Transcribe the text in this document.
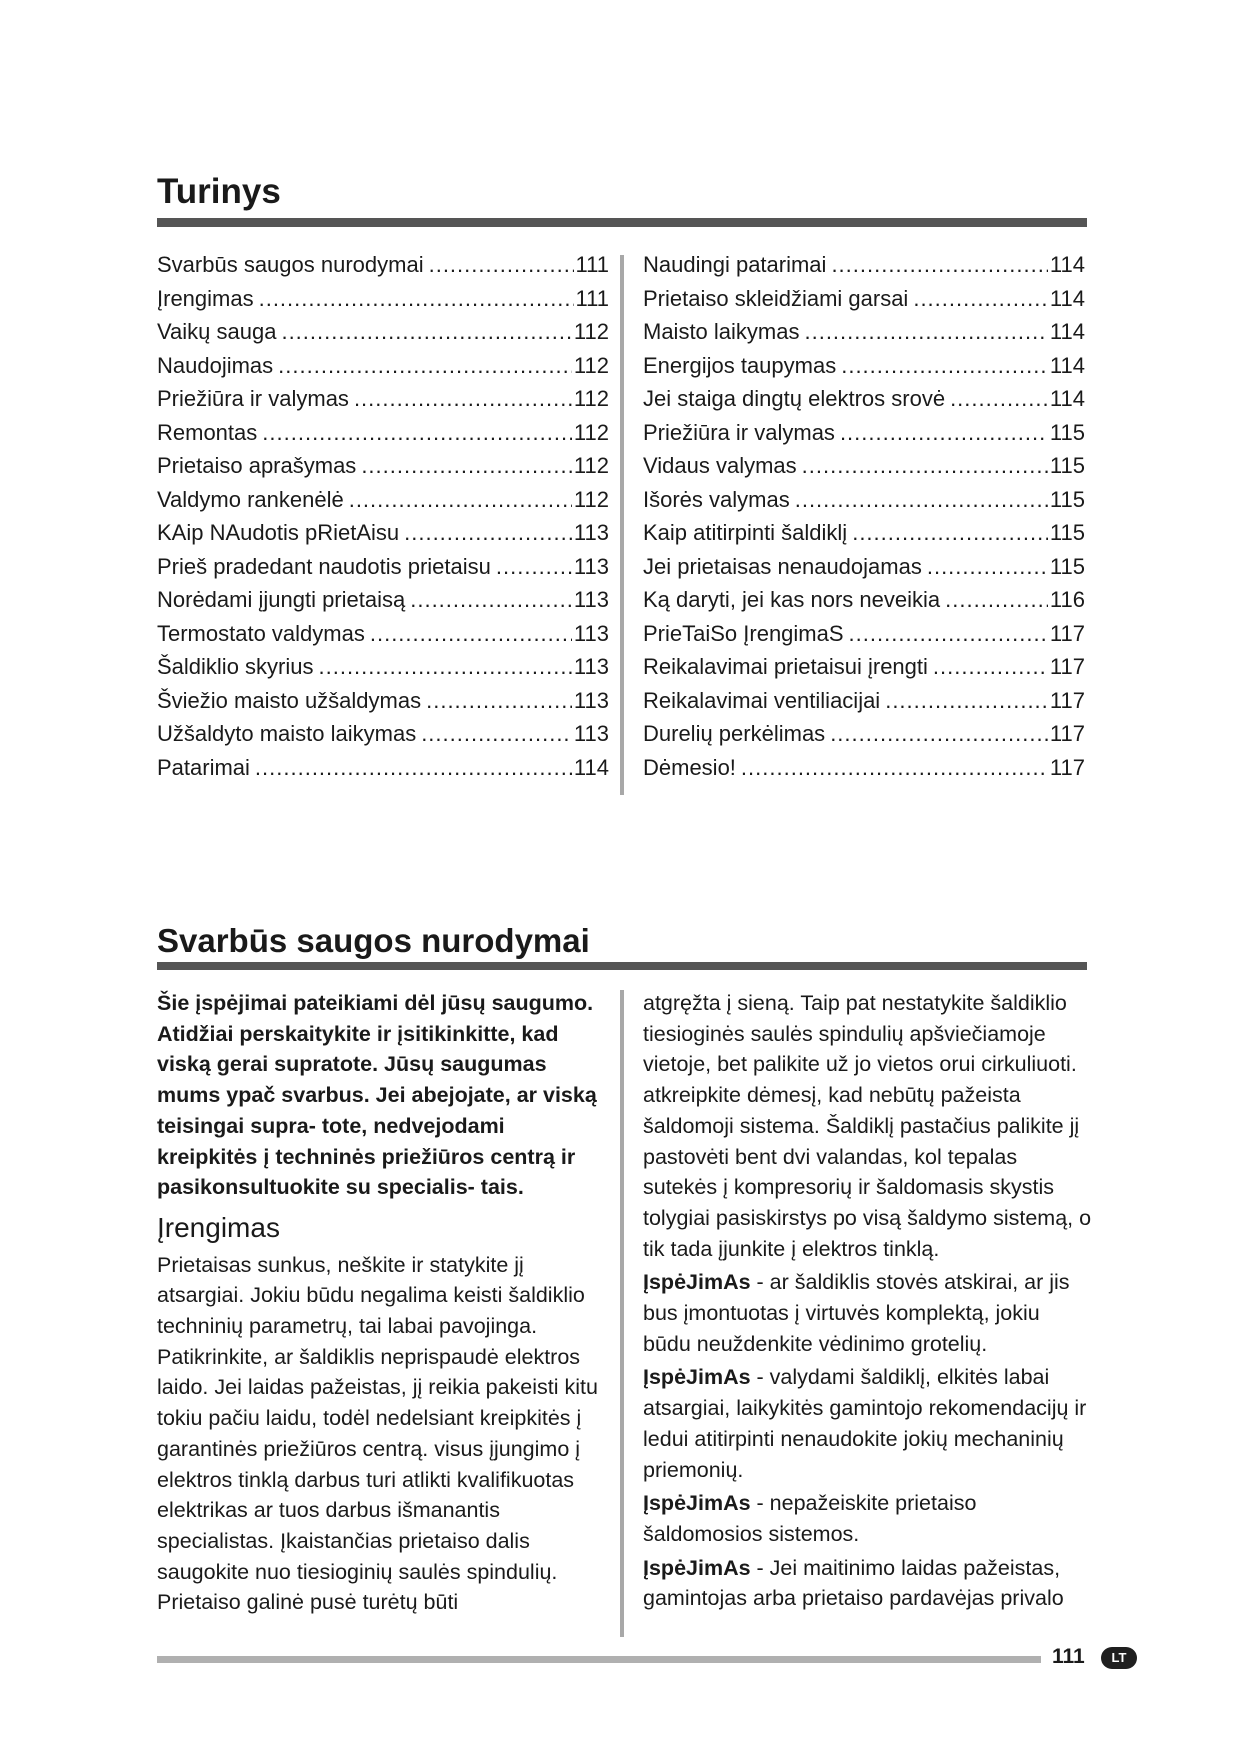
Turinys
Svarbūs saugos nurodymai .....	111
Įrengimas .....	111
Vaikų sauga .....	112
Naudojimas .....	112
Priežiūra ir valymas .....	112
Remontas .....	112
Prietaiso aprašymas .....	112
Valdymo rankenėlė .....	112
KAip NAudotis pRietAisu .....	113
Prieš pradedant naudotis prietaisu .....	113
Norėdami įjungti prietaisą .....	113
Termostato valdymas .....	113
Šaldiklio skyrius .....	113
Šviežio maisto užšaldymas .....	113
Užšaldyto maisto laikymas .....	113
Patarimai .....	114
Naudingi patarimai .....	114
Prietaiso skleidžiami garsai .....	114
Maisto laikymas .....	114
Energijos taupymas .....	114
Jei staiga dingtų elektros srovė .....	114
Priežiūra ir valymas .....	115
Vidaus valymas .....	115
Išorės valymas .....	115
Kaip atitirpinti šaldiklį .....	115
Jei prietaisas nenaudojamas .....	115
Ką daryti, jei kas nors neveikia .....	116
PrieTaiSo ĮrengimaS .....	117
Reikalavimai prietaisui įrengti .....	117
Reikalavimai ventiliacijai .....	117
Durelių perkėlimas .....	117
Dėmesio! .....	117
Svarbūs saugos nurodymai

Šie įspėjimai pateikiami dėl jūsų saugumo. Atidžiai perskaitykite ir įsitikinkitte, kad viską gerai supratote. Jūsų saugumas mums ypač svarbus. Jei abejojate, ar viską teisingai supra- tote, nedvejodami kreipkitės į techninės priežiūros centrą ir pasikonsultuokite su specialis- tais.

Įrengimas

Prietaisas sunkus, neškite ir statykite jį atsargiai. Jokiu būdu negalima keisti šaldiklio techninių parametrų, tai labai pavojinga. Patikrinkite, ar šaldiklis neprispaudė elektros laido. Jei laidas pažeistas, jį reikia pakeisti kitu tokiu pačiu laidu, todėl nedelsiant kreipkitės į garantinės priežiūros centrą. visus įjungimo į elektros tinklą darbus turi atlikti kvalifikuotas elektrikas ar tuos darbus išmanantis specialistas. Įkaistančias prietaiso dalis saugokite nuo tiesioginių saulės spindulių. Prietaiso galinė pusė turėtų būti

atgręžta į sieną. Taip pat nestatykite šaldiklio tiesioginės saulės spindulių apšviečiamoje vietoje, bet palikite už jo vietos orui cirkuliuoti. atkreipkite dėmesį, kad nebūtų pažeista šaldomoji sistema. Šaldiklį pastačius palikite jį pastovėti bent dvi valandas, kol tepalas sutekės į kompresorių ir šaldomasis skystis tolygiai pasiskirstys po visą šaldymo sistemą, o tik tada įjunkite į elektros tinklą.

ĮspėJimAs - ar šaldiklis stovės atskirai, ar jis bus įmontuotas į virtuvės komplektą, jokiu būdu neuždenkite vėdinimo grotelių.

ĮspėJimAs - valydami šaldiklį, elkitės labai atsargiai, laikykitės gamintojo rekomendacijų ir ledui atitirpinti nenaudokite jokių mechaninių priemonių.

ĮspėJimAs - nepažeiskite prietaiso šaldomosios sistemos.

ĮspėJimAs - Jei maitinimo laidas pažeistas, gamintojas arba prietaiso pardavėjas privalo

111	LT
